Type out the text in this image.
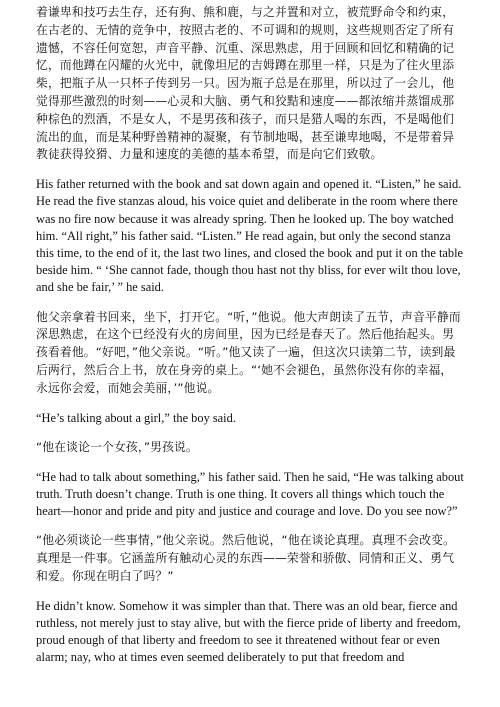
着谦卑和技巧去生存，还有狗、熊和鹿，与之并置和对立，被荒野命令和约束，在古老的、无情的竞争中，按照古老的、不可调和的规则，这些规则否定了所有遗憾，不容任何宽恕，声音平静、沉重、深思熟虑，用于回顾和回忆和精确的记忆，而他蹲在闪耀的火光中，就像坦尼的吉姆蹲在那里一样，只是为了往火里添柴，把瓶子从一只杯子传到另一只。因为瓶子总是在那里，所以过了一会儿，他觉得那些激烈的时刻——心灵和大脑、勇气和狡黠和速度——都浓缩并蒸馏成那种棕色的烈酒，不是女人，不是男孩和孩子，而只是猎人喝的东西，不是喝他们流出的血，而是某种野兽精神的凝聚，有节制地喝，甚至谦卑地喝，不是带着异教徒获得狡猾、力量和速度的美德的基本希望，而是向它们致敬。

His father returned with the book and sat down again and opened it. “Listen,” he said. He read the five stanzas aloud, his voice quiet and deliberate in the room where there was no fire now because it was already spring. Then he looked up. The boy watched him. “All right,” his father said. “Listen.” He read again, but only the second stanza this time, to the end of it, the last two lines, and closed the book and put it on the table beside him. “ ‘She cannot fade, though thou hast not thy bliss, for ever wilt thou love, and she be fair,’ ” he said.

他父亲拿着书回来，坐下，打开它。“听，”他说。他大声朗读了五节，声音平静而深思熟虑，在这个已经没有火的房间里，因为已经是春天了。然后他抬起头。男孩看着他。“好吧，”他父亲说。“听。”他又读了一遍，但这次只读第二节，读到最后两行，然后合上书，放在身旁的桌上。“‘她不会褪色，虽然你没有你的幸福，永远你会爱，而她会美丽，’”他说。

“He’s talking about a girl,” the boy said.

“他在谈论一个女孩，”男孩说。

“He had to talk about something,” his father said. Then he said, “He was talking about truth. Truth doesn’t change. Truth is one thing. It covers all things which touch the heart—honor and pride and pity and justice and courage and love. Do you see now?”

“他必须谈论一些事情，”他父亲说。然后他说，“他在谈论真理。真理不会改变。真理是一件事。它涵盖所有触动心灵的东西——荣誉和骄傲、同情和正义、勇气和爱。你现在明白了吗？”

He didn’t know. Somehow it was simpler than that. There was an old bear, fierce and ruthless, not merely just to stay alive, but with the fierce pride of liberty and freedom, proud enough of that liberty and freedom to see it threatened without fear or even alarm; nay, who at times even seemed deliberately to put that freedom and
